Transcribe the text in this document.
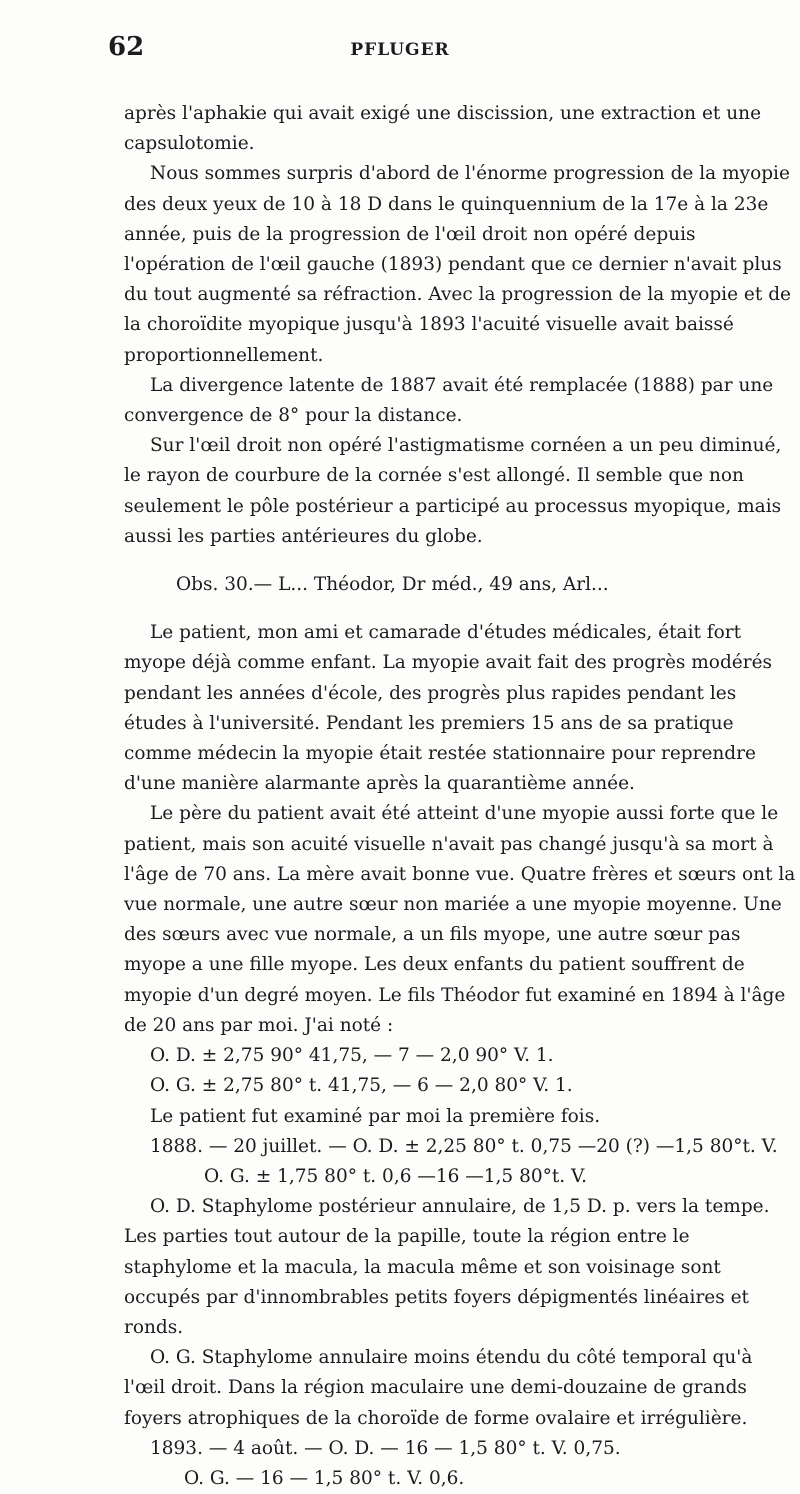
62	PFLUGER

après l'aphakie qui avait exigé une discission, une extraction et une capsulotomie.

Nous sommes surpris d'abord de l'énorme progression de la myopie des deux yeux de 10 à 18 D dans le quinquennium de la 17e à la 23e année, puis de la progression de l'œil droit non opéré depuis l'opération de l'œil gauche (1893) pendant que ce dernier n'avait plus du tout augmenté sa réfraction. Avec la progression de la myopie et de la choroïdite myopique jusqu'à 1893 l'acuité visuelle avait baissé proportionnellement.

La divergence latente de 1887 avait été remplacée (1888) par une convergence de 8° pour la distance.

Sur l'œil droit non opéré l'astigmatisme cornéen a un peu diminué, le rayon de courbure de la cornée s'est allongé. Il semble que non seulement le pôle postérieur a participé au processus myopique, mais aussi les parties antérieures du globe.

Obs. 30.— L... Théodor, Dr méd., 49 ans, Arl...

Le patient, mon ami et camarade d'études médicales, était fort myope déjà comme enfant. La myopie avait fait des progrès modérés pendant les années d'école, des progrès plus rapides pendant les études à l'université. Pendant les premiers 15 ans de sa pratique comme médecin la myopie était restée stationnaire pour reprendre d'une manière alarmante après la quarantième année.

Le père du patient avait été atteint d'une myopie aussi forte que le patient, mais son acuité visuelle n'avait pas changé jusqu'à sa mort à l'âge de 70 ans. La mère avait bonne vue. Quatre frères et sœurs ont la vue normale, une autre sœur non mariée a une myopie moyenne. Une des sœurs avec vue normale, a un fils myope, une autre sœur pas myope a une fille myope. Les deux enfants du patient souffrent de myopie d'un degré moyen. Le fils Théodor fut examiné en 1894 à l'âge de 20 ans par moi. J'ai noté :

O. D. ± 2,75 90° 41,75, — 7 — 2,0 90° V. 1.

O. G. ± 2,75 80° t. 41,75, — 6 — 2,0 80° V. 1.

Le patient fut examiné par moi la première fois.

1888. — 20 juillet. — O. D. ± 2,25 80° t. 0,75 —20 (?) —1,5 80°t. V.

O. G. ± 1,75 80° t. 0,6 —16 —1,5 80°t. V.

O. D. Staphylome postérieur annulaire, de 1,5 D. p. vers la tempe. Les parties tout autour de la papille, toute la région entre le staphylome et la macula, la macula même et son voisinage sont occupés par d'innombrables petits foyers dépigmentés linéaires et ronds.

O. G. Staphylome annulaire moins étendu du côté temporal qu'à l'œil droit. Dans la région maculaire une demi-douzaine de grands foyers atrophiques de la choroïde de forme ovalaire et irrégulière.

1893. — 4 août. — O. D. — 16 — 1,5 80° t. V. 0,75.

O. G. — 16 — 1,5 80° t. V. 0,6.
